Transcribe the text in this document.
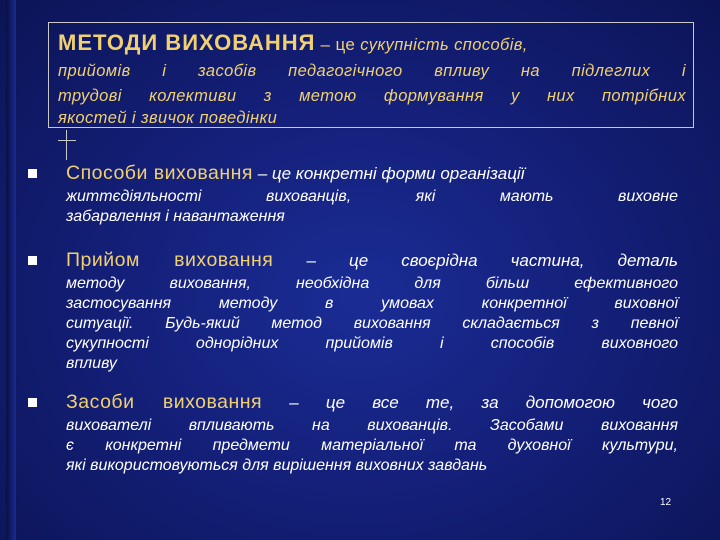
МЕТОДИ ВИХОВАННЯ – це сукупність способів,
прийомів і засобів педагогічного впливу на підлеглих і
трудові колективи з метою формування у них потрібних
якостей і звичок поведінки
Способи виховання – це конкретні форми організації
життєдіяльності вихованців, які мають виховне
забарвлення і навантаження
Прийом виховання – це своєрідна частина, деталь
методу виховання, необхідна для більш ефективного
застосування методу в умовах конкретної виховної
ситуації. Будь-який метод виховання складається з певної
сукупності однорідних прийомів і способів виховного
впливу
Засоби виховання – це все те, за допомогою чого
вихователі впливають на вихованців. Засобами виховання
є конкретні предмети матеріальної та духовної культури,
які використовуються для вирішення виховних завдань
12
